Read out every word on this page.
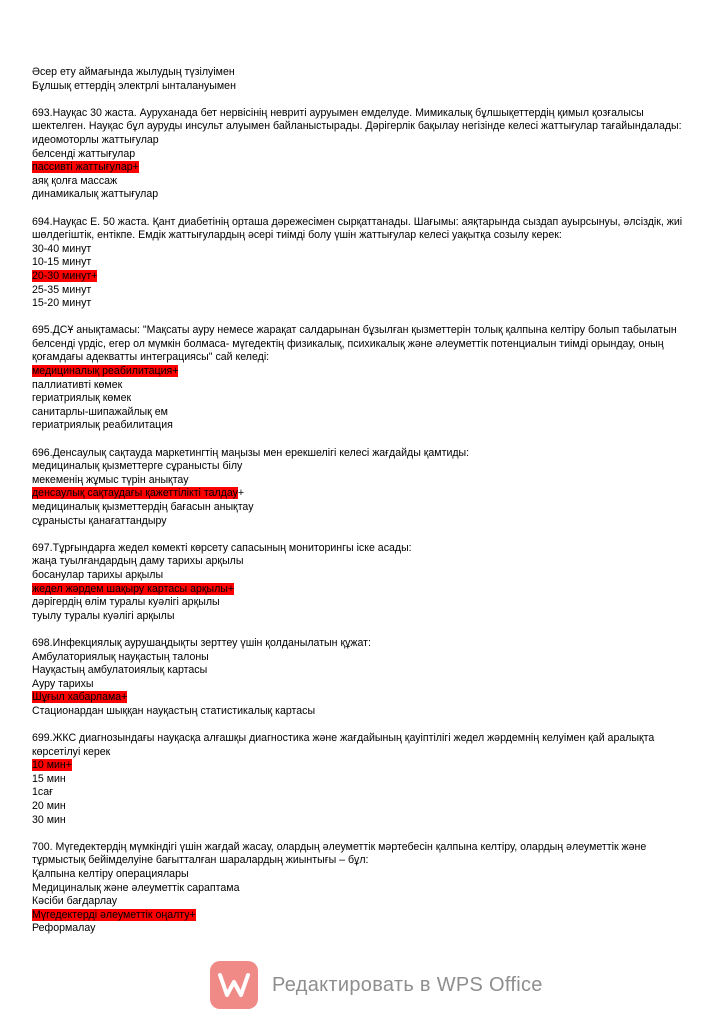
Әсер ету аймағында жылудың түзілуімен
Бұлшық еттердің электрлі ынталануымен
693.Науқас 30 жаста. Ауруханада бет нервісінің невриті ауруымен емделуде. Мимикалық бұлшықеттердің қимыл қозғалысы шектелген. Науқас бұл ауруды инсульт алуымен байланыстырады. Дәрігерлік бақылау негізінде келесі жаттығулар тағайындалады:
идеомоторлы жаттығулар
белсенді жаттығулар
пассивті жаттығулар+
аяқ қолға массаж
динамикалық жаттығулар
694.Науқас Е. 50 жаста. Қант диабетінің орташа дәрежесімен сырқаттанады. Шағымы: аяқтарында сыздап ауырсынуы, әлсіздік, жиі шөлдегіштік, ентікпе. Емдік жаттығулардың әсері тиімді болу үшін жаттығулар келесі уақытқа созылу керек:
30-40 минут
10-15 минут
20-30 минут+
25-35 минут
15-20 минут
695.ДСҰ анықтамасы: "Мақсаты ауру немесе жарақат салдарынан бұзылған қызметтерін толық қалпына келтіру болып табылатын белсенді үрдіс, егер ол мүмкін болмаса- мүгедектің физикалық, психикалық және әлеуметтік потенциалын тиімді орындау, оның қоғамдағы адекватты интеграциясы" сай келеді:
медициналық реабилитация+
паллиативті көмек
гериатриялық көмек
санитарлы-шипажайлық ем
гериатриялық реабилитация
696.Денсаулық сақтауда маркетингтің маңызы мен ерекшелігі келесі жағдайды қамтиды:
медициналық қызметтерге сұранысты білу
мекеменің жұмыс түрін анықтау
денсаулық сақтаудағы қажеттілікті талдау+
медициналық қызметтердің бағасын анықтау
сұранысты қанағаттандыру
697.Тұрғындарға жедел көмекті көрсету сапасының мониторингы іске асады:
жаңа туылғандардың даму тарихы арқылы
босанулар тарихы арқылы
жедел жәрдем шақыру картасы арқылы+
дәрігердің өлім туралы куәлігі арқылы
туылу туралы куәлігі арқылы
698.Инфекциялық аурушаңдықты зерттеу үшін қолданылатын құжат:
Амбулаториялық науқастың талоны
Науқастың амбулатоиялық картасы
Ауру тарихы
Шұғыл хабарлама+
Стационардан шыққан науқастың статистикалық картасы
699.ЖКС диагнозындағы науқасқа алғашқы диагностика және жағдайының қауіптілігі жедел жәрдемнің келуімен қай аралықта көрсетілуі керек
10 мин+
15 мин
1сағ
20 мин
30 мин
700. Мүгедектердің мүмкіндігі үшін жағдай жасау, олардың әлеуметтік мәртебесін қалпына келтіру, олардың әлеуметтік және тұрмыстық бейімделуіне бағытталған шаралардың жиынтығы – бұл:
Қалпына келтіру операциялары
Медициналық және әлеуметтік сараптама
Кәсіби бағдарлау
Мүгедектерді әлеуметтік оңалту+
Реформалау
Редактировать в WPS Office
